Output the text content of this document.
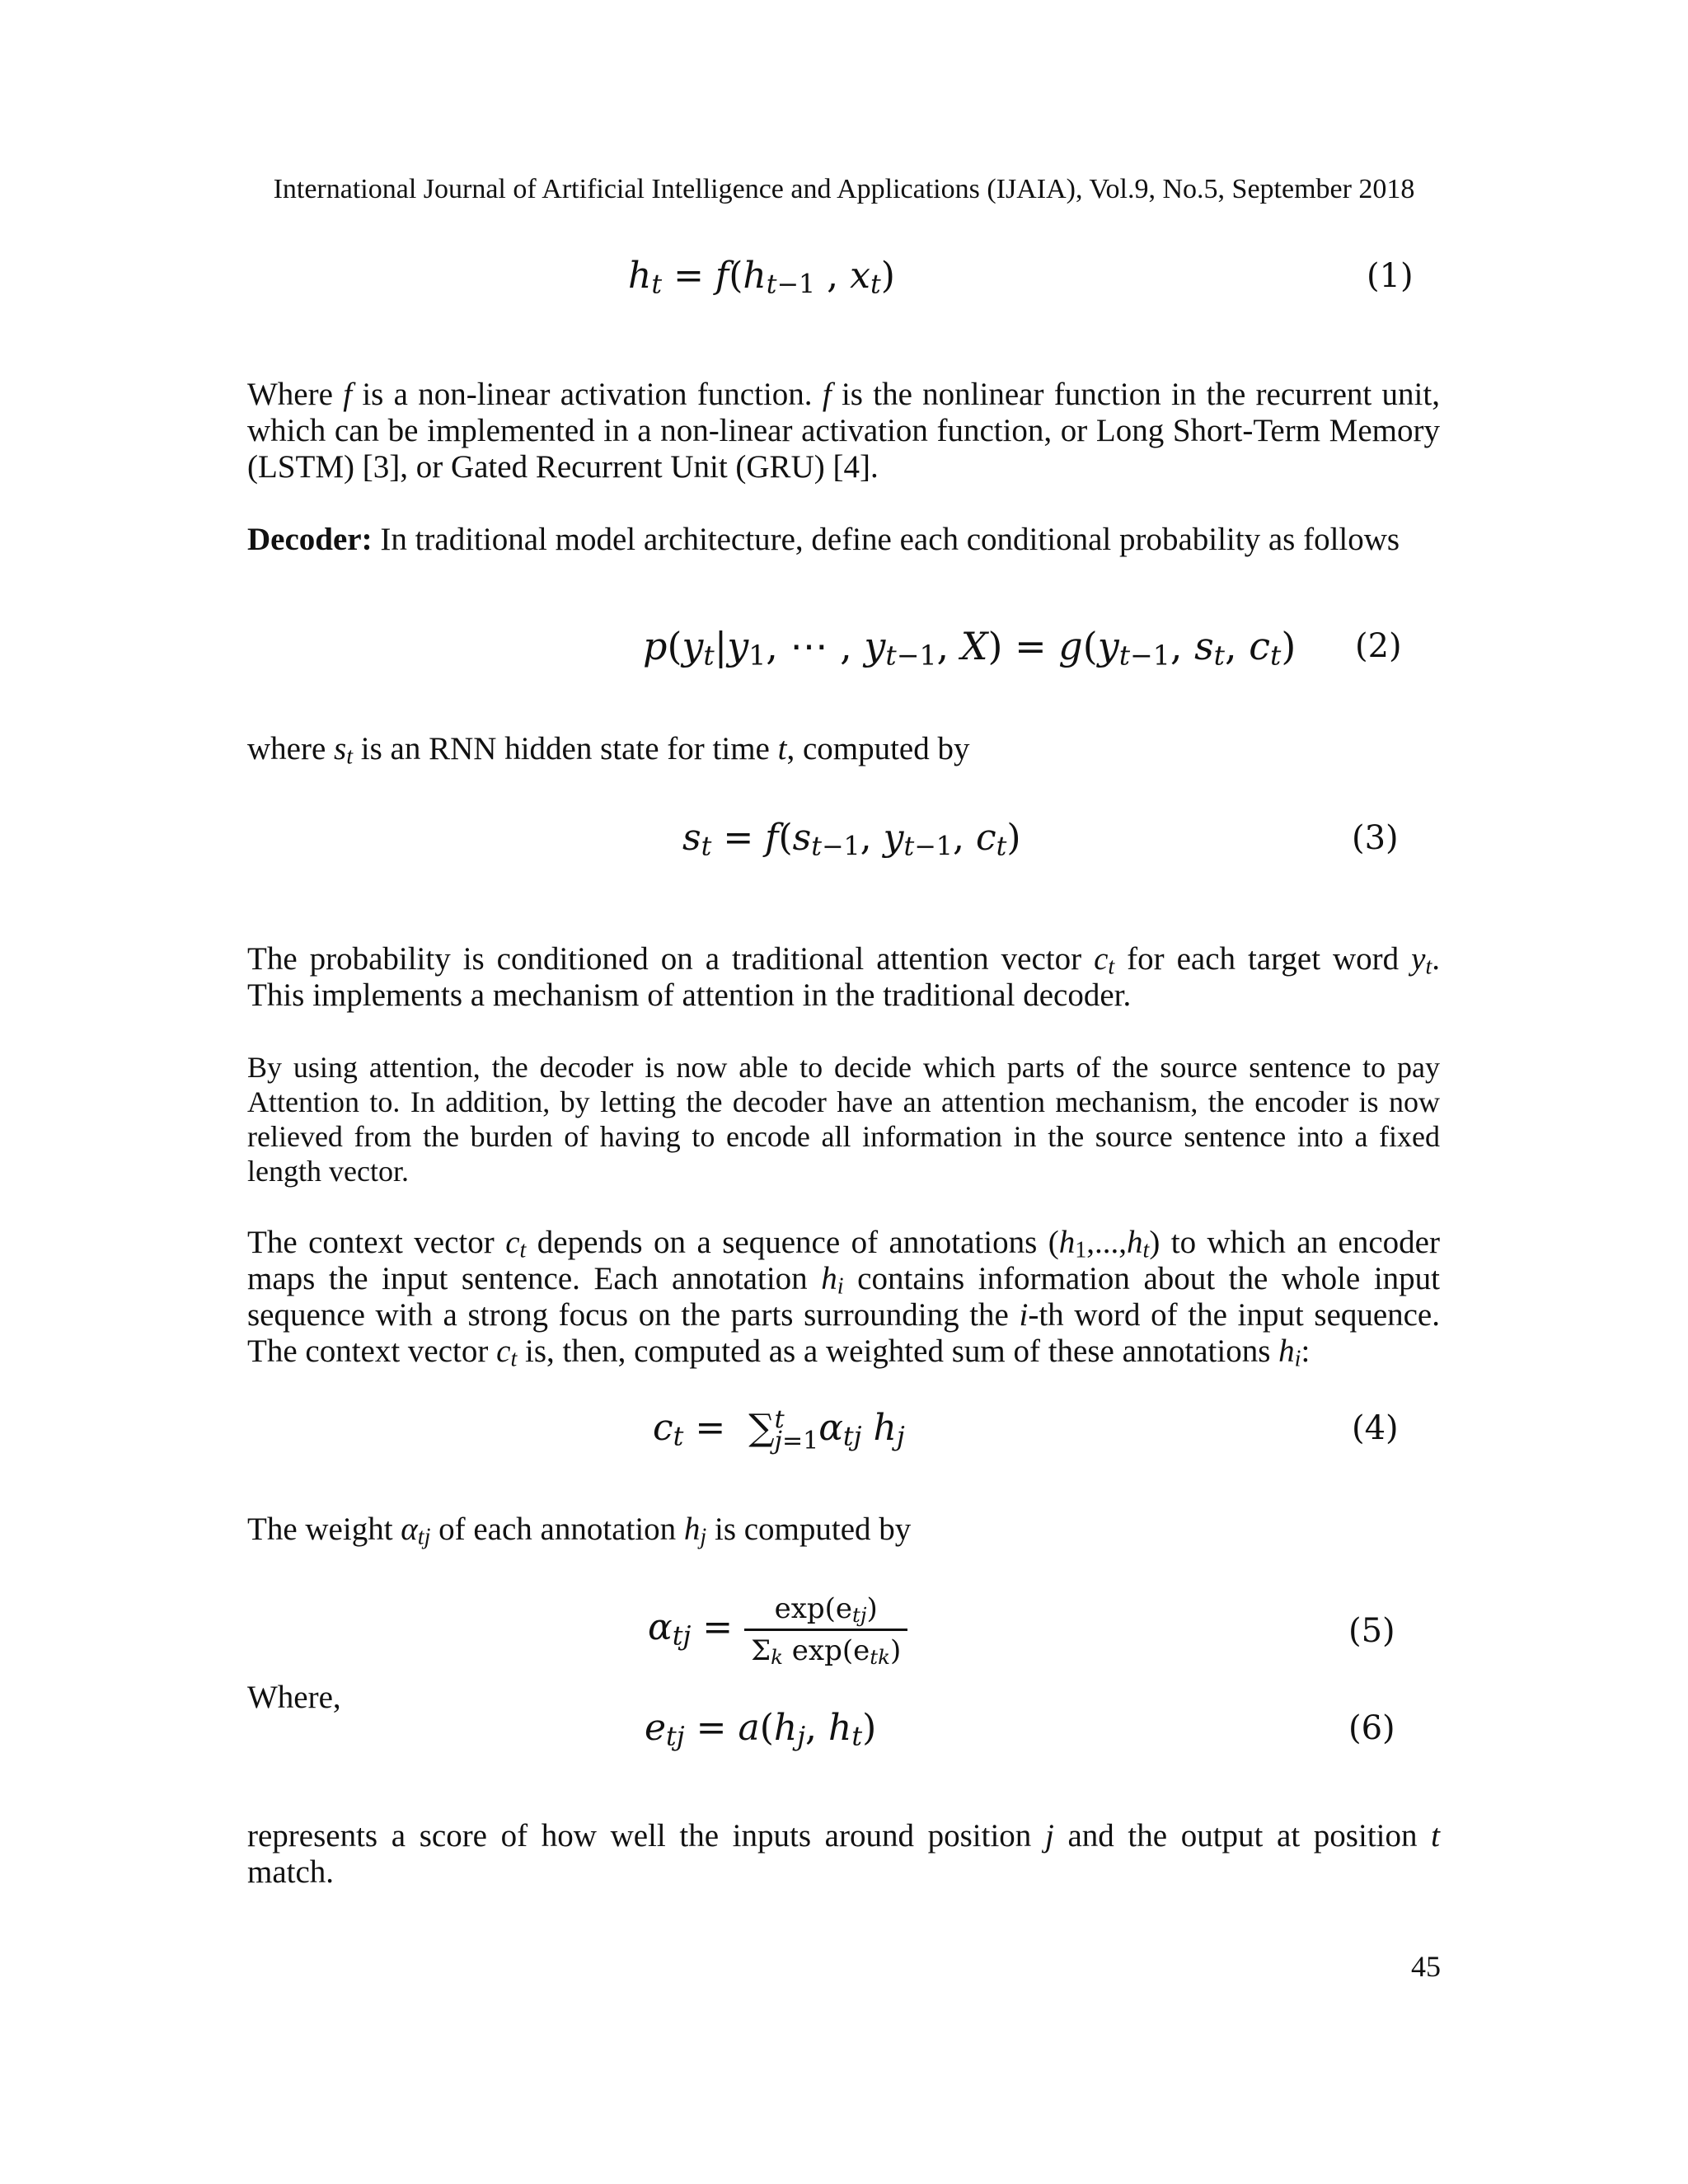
International Journal of Artificial Intelligence and Applications (IJAIA), Vol.9, No.5, September 2018
$h_t = f(h_{t-1}$ , $x_t$)	(1)

Where f is a non-linear activation function. f is the nonlinear function in the recurrent unit, which can be implemented in a non-linear activation function, or Long Short-Term Memory (LSTM) [3], or Gated Recurrent Unit (GRU) [4].

Decoder: In traditional model architecture, define each conditional probability as follows

$p(y_t|y_1$, ⋯ , $y_{t-1}$, $X) = g(y_{t-1}$, $s_t$, $c_t$) (2)

where $s_t$ is an RNN hidden state for time t, computed by

$s_t = f(s_{t-1}$, $y_{t-1}$, $c_t$)	(3)

The probability is conditioned on a traditional attention vector $c_t$ for each target word $y_t$. This implements a mechanism of attention in the traditional decoder.

By using attention, the decoder is now able to decide which parts of the source sentence to pay Attention to. In addition, by letting the decoder have an attention mechanism, the encoder is now relieved from the burden of having to encode all information in the source sentence into a fixed length vector.

The context vector $c_t$ depends on a sequence of annotations $(h_1,...,h_t)$ to which an encoder maps the input sentence. Each annotation $h_i$ contains information about the whole input sequence with a strong focus on the parts surrounding the i-th word of the input sequence. The context vector $c_t$ is, then, computed as a weighted sum of these annotations $h_i$:

$c_t$ =  ∑ t
j=1 $\alpha_{tj}$ $h_j$	(4)

The weight $\alpha_{tj}$ of each annotation $h_j$ is computed by

$\alpha_{tj} = \frac{\exp(e_{tj})}{\Sigma_k \exp(e_{tk})}$	(5)

Where,

$e_{tj} = a(h_j$, $h_t$)	(6)

represents a score of how well the inputs around position j and the output at position t match.

45
